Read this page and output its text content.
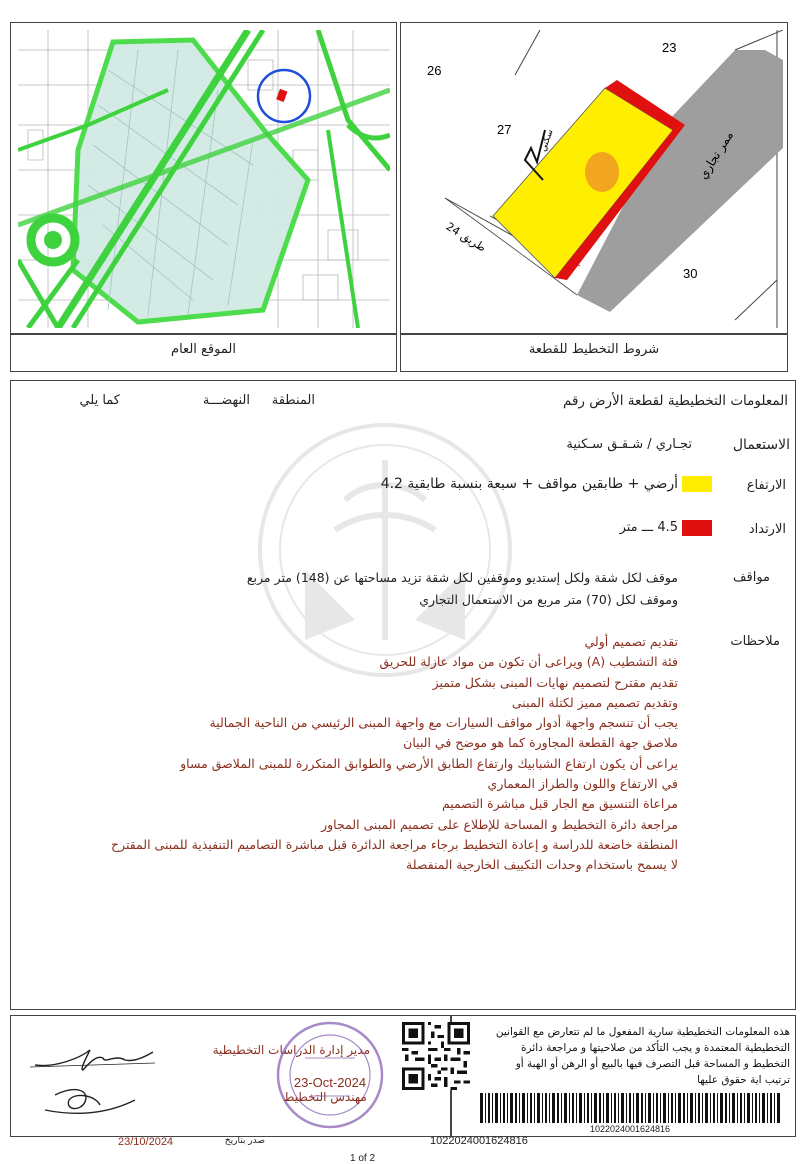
الموقع العام
23
26
27
30
طريق 24
ممر تجاري
سكني
شروط التخطيط للقطعة

المعلومات التخطيطية لقطعة الأرض رقم
المنطقة
النهضـــة
كما يلي
الاستعمال
تجـاري / شـقـق سـكنية
الارتفاع
أرضي + طابقين مواقف + سبعة بنسبة طابقية 4.2
الارتداد
4.5 ـــ متر
مواقف
موقف لكل شقة ولكل إستديو وموقفين لكل شقة تزيد مساحتها عن (148) متر مربع
وموقف لكل (70) متر مربع من الاستعمال التجاري
ملاحظات
تقديم تصميم أولي
فئة التشطيب (A) ويراعى أن تكون من مواد عازلة للحريق
تقديم مقترح لتصميم نهايات المبنى بشكل متميز
وتقديم تصميم مميز لكتلة المبنى
يجب أن تنسجم واجهة أدوار مواقف السيارات مع واجهة المبنى الرئيسي من الناحية الجمالية
ملاصق جهة القطعة المجاورة كما هو موضح في البيان
يراعى أن يكون ارتفاع الشبابيك وارتفاع الطابق الأرضي والطوابق المتكررة للمبنى الملاصق مساو
في الارتفاع واللون والطراز المعماري
مراعاة التنسيق مع الجار قبل مباشرة التصميم
مراجعة دائرة التخطيط و المساحة للإطلاع على تصميم المبنى المجاور
المنطقة خاضعة للدراسة و إعادة التخطيط برجاء مراجعة الدائرة قبل مباشرة التصاميم التنفيذية للمبنى المقترح
لا يسمح باستخدام وحدات التكييف الخارجية المنفصلة
هذه المعلومات التخطيطية سارية المفعول ما لم تتعارض مع القوانين
التخطيطية المعتمدة و يجب التأكد من صلاحيتها و مراجعة دائرة
التخطيط و المساحة قبل التصرف فيها بالبيع أو الرهن أو الهبة أو
ترتيب اية حقوق عليها
1022024001624816
مدير إدارة الدراسات التخطيطية
23-Oct-2024
مهندس التخطيط
23/10/2024	صدر بتاريخ	1022024001624816
1 of 2
